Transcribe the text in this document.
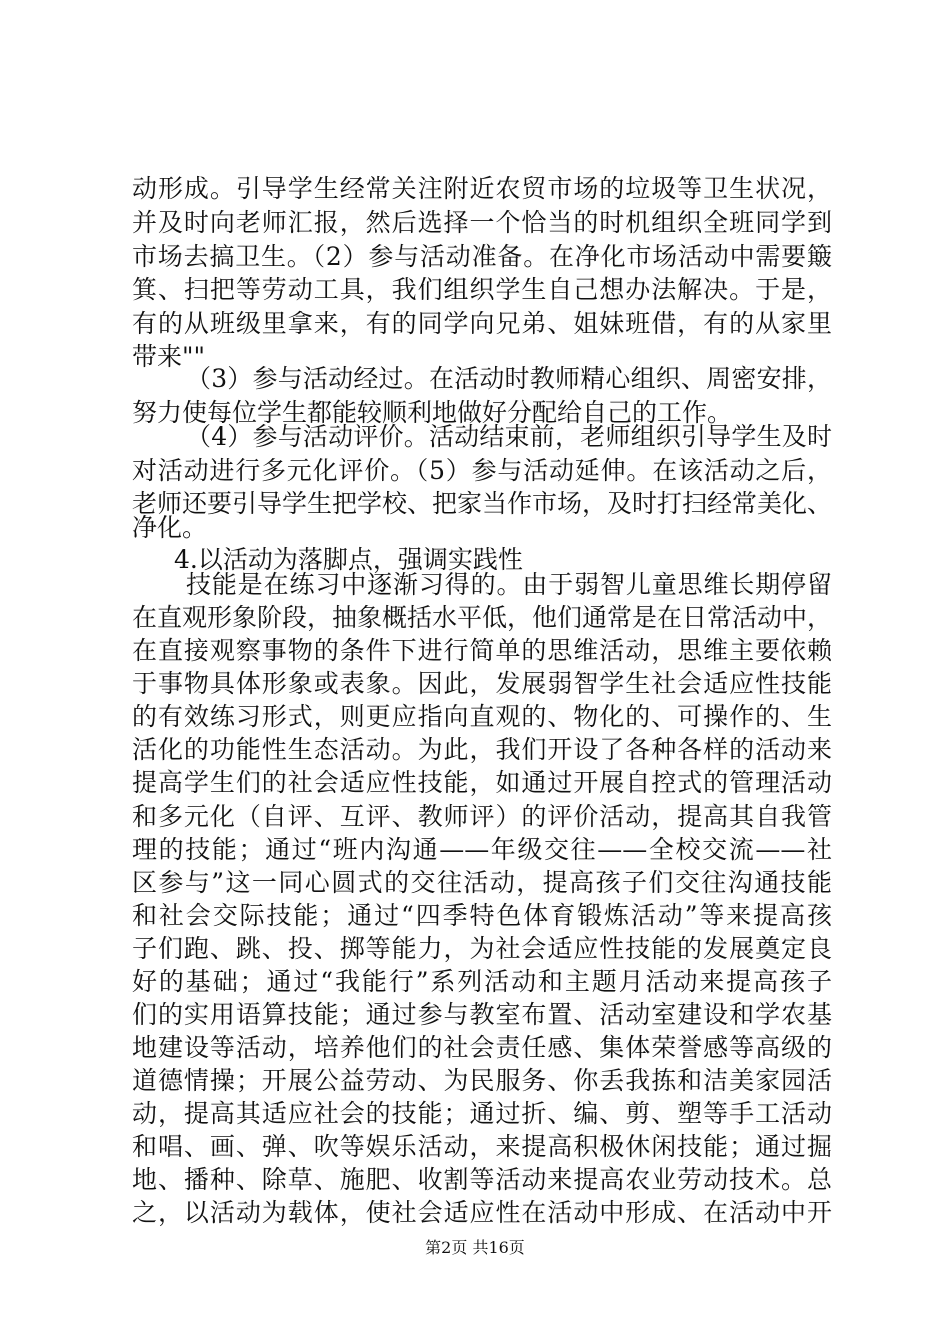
动形成。引导学生经常关注附近农贸市场的垃圾等卫生状况，
并及时向老师汇报，然后选择一个恰当的时机组织全班同学到
市场去搞卫生。（2）参与活动准备。在净化市场活动中需要簸
箕、扫把等劳动工具，我们组织学生自己想办法解决。于是，
有的从班级里拿来，有的同学向兄弟、姐妹班借，有的从家里
带来""
（3）参与活动经过。在活动时教师精心组织、周密安排，
努力使每位学生都能较顺利地做好分配给自己的工作。
（4）参与活动评价。活动结束前，老师组织引导学生及时
对活动进行多元化评价。（5）参与活动延伸。在该活动之后，
老师还要引导学生把学校、把家当作市场，及时打扫经常美化、
净化。
4.以活动为落脚点，强调实践性
技能是在练习中逐渐习得的。由于弱智儿童思维长期停留
在直观形象阶段，抽象概括水平低，他们通常是在日常活动中，
在直接观察事物的条件下进行简单的思维活动，思维主要依赖
于事物具体形象或表象。因此，发展弱智学生社会适应性技能
的有效练习形式，则更应指向直观的、物化的、可操作的、生
活化的功能性生态活动。为此，我们开设了各种各样的活动来
提高学生们的社会适应性技能，如通过开展自控式的管理活动
和多元化（自评、互评、教师评）的评价活动，提高其自我管
理的技能；通过“班内沟通——年级交往——全校交流——社
区参与”这一同心圆式的交往活动，提高孩子们交往沟通技能
和社会交际技能；通过“四季特色体育锻炼活动”等来提高孩
子们跑、跳、投、掷等能力，为社会适应性技能的发展奠定良
好的基础；通过“我能行”系列活动和主题月活动来提高孩子
们的实用语算技能；通过参与教室布置、活动室建设和学农基
地建设等活动，培养他们的社会责任感、集体荣誉感等高级的
道德情操；开展公益劳动、为民服务、你丢我拣和洁美家园活
动，提高其适应社会的技能；通过折、编、剪、塑等手工活动
和唱、画、弹、吹等娱乐活动，来提高积极休闲技能；通过掘
地、播种、除草、施肥、收割等活动来提高农业劳动技术。总
之，以活动为载体，使社会适应性在活动中形成、在活动中开
第2页 共16页
